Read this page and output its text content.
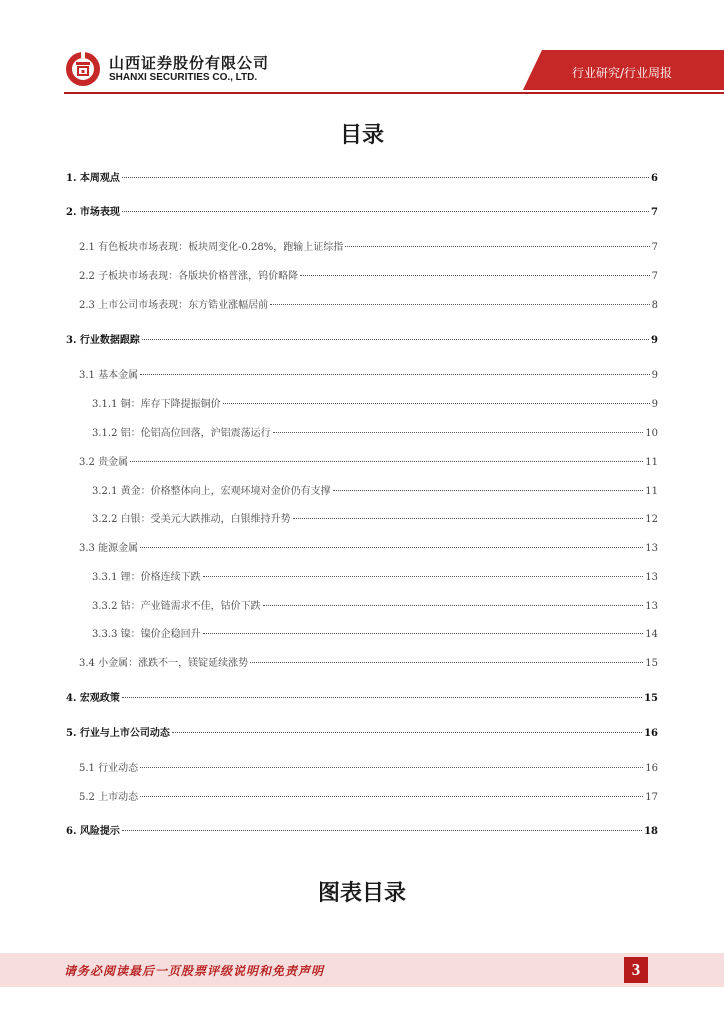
山西证券股份有限公司
SHANXI SECURITIES CO., LTD.	行业研究/行业周报
目录
1. 本周观点	6
2. 市场表现	7
2.1 有色板块市场表现：板块周变化-0.28%，跑输上证综指	7
2.2 子板块市场表现：各版块价格普涨，钨价略降	7
2.3 上市公司市场表现：东方锆业涨幅居前	8
3. 行业数据跟踪	9
3.1 基本金属	9
3.1.1 铜：库存下降提振铜价	9
3.1.2 铝：伦铝高位回落，沪铝震荡运行	10
3.2 贵金属	11
3.2.1 黄金：价格整体向上，宏观环境对金价仍有支撑	11
3.2.2 白银：受美元大跌推动，白银维持升势	12
3.3 能源金属	13
3.3.1 锂：价格连续下跌	13
3.3.2 钴：产业链需求不佳，钴价下跌	13
3.3.3 镍：镍价企稳回升	14
3.4 小金属：涨跌不一，镁锭延续涨势	15
4. 宏观政策	15
5. 行业与上市公司动态	16
5.1 行业动态	16
5.2 上市动态	17
6. 风险提示	18
图表目录
请务必阅读最后一页股票评级说明和免责声明	3
